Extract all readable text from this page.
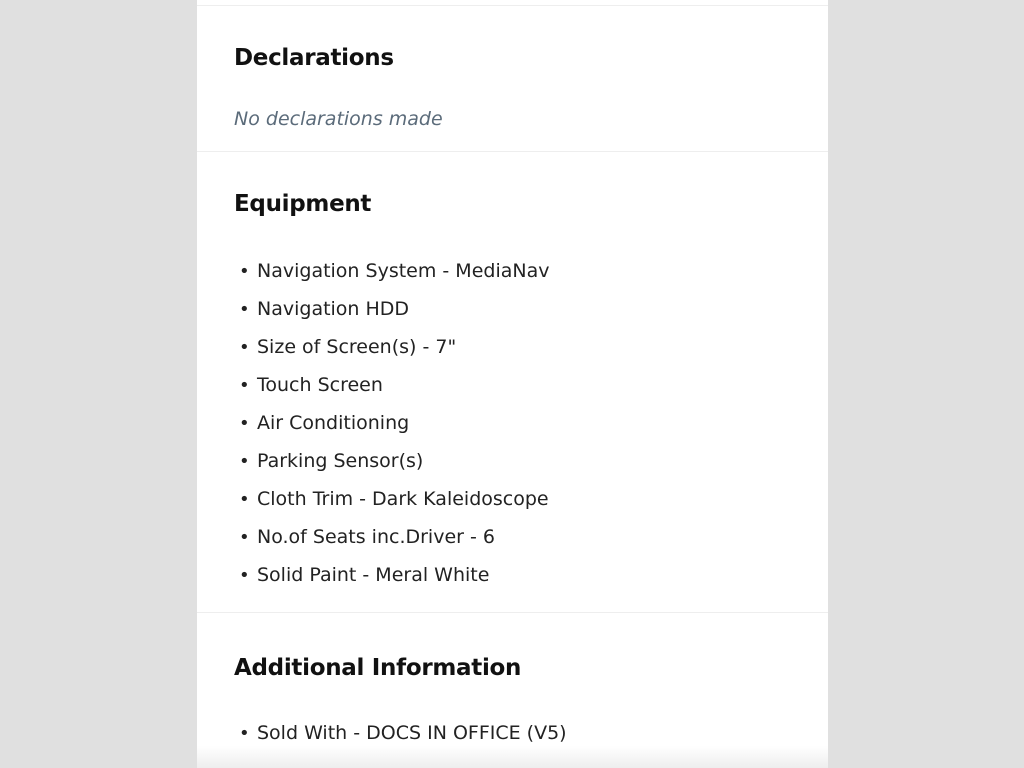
Declarations

No declarations made

Equipment
• Navigation System - MediaNav
• Navigation HDD
• Size of Screen(s) - 7"
• Touch Screen
• Air Conditioning
• Parking Sensor(s)
• Cloth Trim - Dark Kaleidoscope
• No.of Seats inc.Driver - 6
• Solid Paint - Meral White
Additional Information
• Sold With - DOCS IN OFFICE (V5)
